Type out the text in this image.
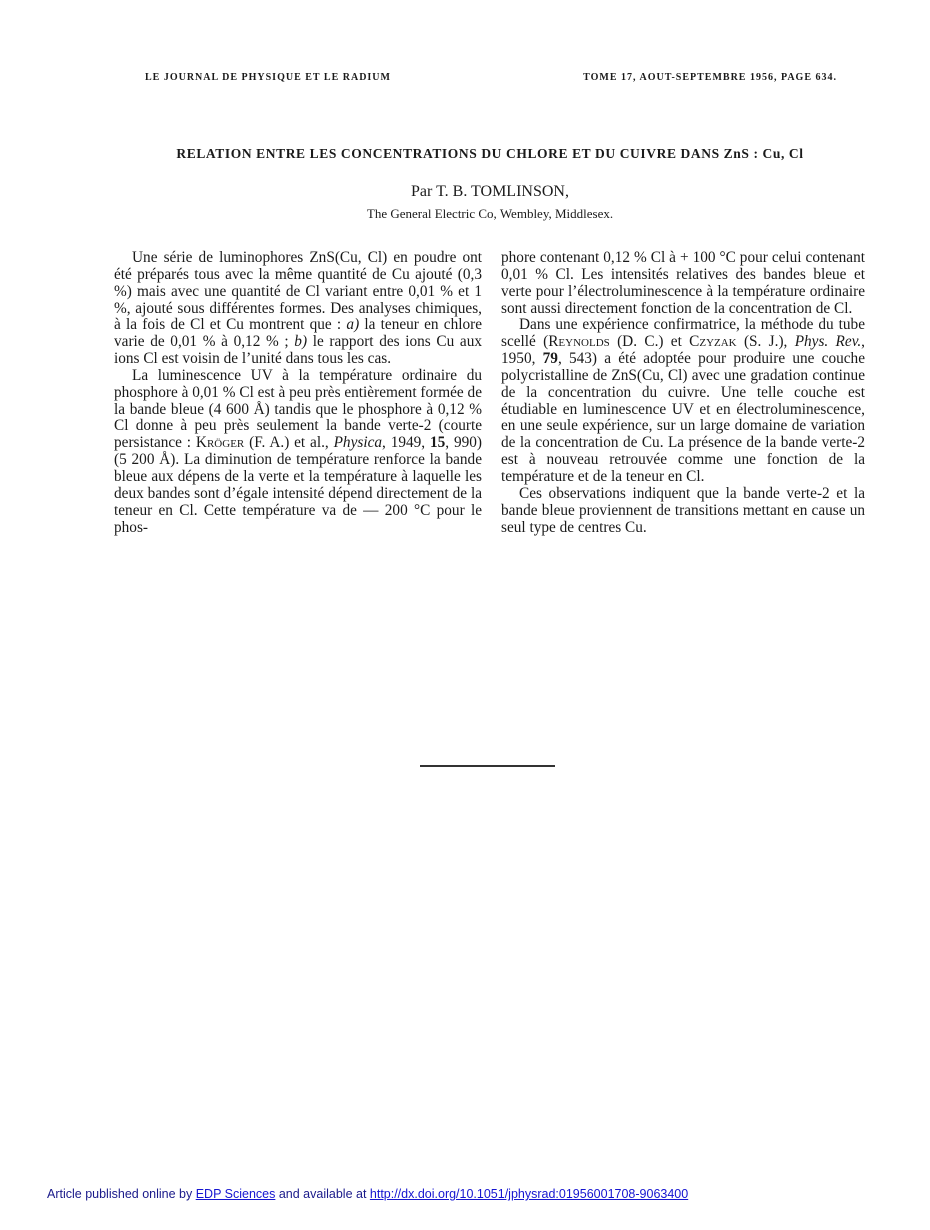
LE JOURNAL DE PHYSIQUE ET LE RADIUM	TOME 17, AOUT-SEPTEMBRE 1956, PAGE 634.
RELATION ENTRE LES CONCENTRATIONS DU CHLORE ET DU CUIVRE DANS ZnS : Cu, Cl
Par T. B. TOMLINSON,
The General Electric Co, Wembley, Middlesex.

Une série de luminophores ZnS(Cu, Cl) en poudre ont été préparés tous avec la même quantité de Cu ajouté (0,3 %) mais avec une quantité de Cl variant entre 0,01 % et 1 %, ajouté sous différentes formes. Des analyses chimiques, à la fois de Cl et Cu montrent que : a) la teneur en chlore varie de 0,01 % à 0,12 % ; b) le rapport des ions Cu aux ions Cl est voisin de l’unité dans tous les cas.

La luminescence UV à la température ordinaire du phosphore à 0,01 % Cl est à peu près entièrement formée de la bande bleue (4 600 Å) tandis que le phosphore à 0,12 % Cl donne à peu près seulement la bande verte-2 (courte persistance : Kröger (F. A.) et al., Physica, 1949, 15, 990) (5 200 Å). La diminution de température renforce la bande bleue aux dépens de la verte et la température à laquelle les deux bandes sont d’égale intensité dépend directement de la teneur en Cl. Cette température va de — 200 °C pour le phos-

phore contenant 0,12 % Cl à + 100 °C pour celui contenant 0,01 % Cl. Les intensités relatives des bandes bleue et verte pour l’électroluminescence à la température ordinaire sont aussi directement fonction de la concentration de Cl.

Dans une expérience confirmatrice, la méthode du tube scellé (Reynolds (D. C.) et Czyzak (S. J.), Phys. Rev., 1950, 79, 543) a été adoptée pour produire une couche polycristalline de ZnS(Cu, Cl) avec une gradation continue de la concentration du cuivre. Une telle couche est étudiable en luminescence UV et en électroluminescence, en une seule expérience, sur un large domaine de variation de la concentration de Cu. La présence de la bande verte-2 est à nouveau retrouvée comme une fonction de la température et de la teneur en Cl.

Ces observations indiquent que la bande verte-2 et la bande bleue proviennent de transitions mettant en cause un seul type de centres Cu.

Article published online by EDP Sciences and available at http://dx.doi.org/10.1051/jphysrad:01956001708-9063400
